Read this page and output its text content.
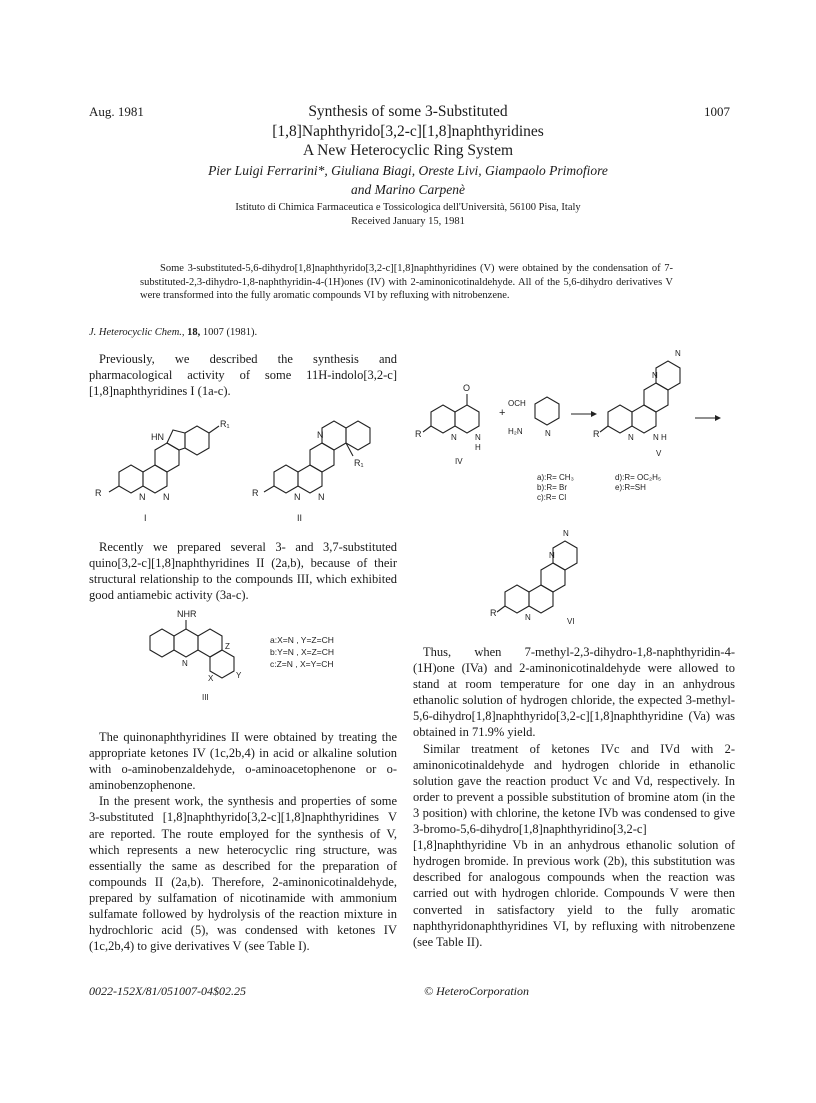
Aug. 1981	1007
Synthesis of some 3-Substituted
[1,8]Naphthyrido[3,2-c][1,8]naphthyridines
A New Heterocyclic Ring System
Pier Luigi Ferrarini*, Giuliana Biagi, Oreste Livi, Giampaolo Primofiore
and Marino Carpenè
Istituto di Chimica Farmaceutica e Tossicologica dell'Università, 56100 Pisa, Italy
Received January 15, 1981

Some 3-substituted-5,6-dihydro[1,8]naphthyrido[3,2-c][1,8]naphthyridines (V) were obtained by the condensation of 7-substituted-2,3-dihydro-1,8-naphthyridin-4-(1H)ones (IV) with 2-aminonicotinaldehyde. All of the 5,6-dihydro derivatives V were transformed into the fully aromatic compounds VI by refluxing with nitrobenzene.

J. Heterocyclic Chem., 18, 1007 (1981).

Previously, we described the synthesis and pharmacological activity of some 11H-indolo[3,2-c][1,8]naphthyridines I (1a-c).

R
R₁
HN
N N
I
R
R₁
N
N N
II

Recently we prepared several 3- and 3,7-substituted quino[3,2-c][1,8]naphthyridines II (2a,b), because of their structural relationship to the compounds III, which exhibited good antiamebic activity (3a-c).

NHR
Z
X	Y
N
a:X=N , Y=Z=CH
b:Y=N , X=Z=CH
c:Z=N , X=Y=CH
III

The quinonaphthyridines II were obtained by treating the appropriate ketones IV (1c,2b,4) in acid or alkaline solution with o-aminobenzaldehyde, o-aminoacetophenone or o-aminobenzophenone.

In the present work, the synthesis and properties of some 3-substituted [1,8]naphthyrido[3,2-c][1,8]naphthyridines V are reported. The route employed for the synthesis of V, which represents a new heterocyclic ring structure, was essentially the same as described for the preparation of compounds II (2a,b). Therefore, 2-aminonicotinaldehyde, prepared by sulfamation of nicotinamide with ammonium sulfamate followed by hydrolysis of the reaction mixture in hydrochloric acid (5), was condensed with ketones IV (1c,2b,4) to give derivatives V (see Table I).

O
R	N N
H
IV
+
OCH
H₂N	N	R
N
N
N N H
V
a):R= CH₃
b):R= Br
c):R= Cl
d):R= OC₂H₅
e):R=SH
R
N
N
N	VI

Thus, when 7-methyl-2,3-dihydro-1,8-naphthyridin-4-(1H)one (IVa) and 2-aminonicotinaldehyde were allowed to stand at room temperature for one day in an anhydrous ethanolic solution of hydrogen chloride, the expected 3-methyl-5,6-dihydro[1,8]naphthyrido[3,2-c][1,8]naphthyridine (Va) was obtained in 71.9% yield.

Similar treatment of ketones IVc and IVd with 2-aminonicotinaldehyde and hydrogen chloride in ethanolic solution gave the reaction product Vc and Vd, respectively. In order to prevent a possible substitution of bromine atom (in the 3 position) with chlorine, the ketone IVb was condensed to give 3-bromo-5,6-dihydro[1,8]naphthyridino[3,2-c][1,8]naphthyridine Vb in an anhydrous ethanolic solution of hydrogen bromide. In previous work (2b), this substitution was described for analogous compounds when the reaction was carried out with hydrogen chloride. Compounds V were then converted in satisfactory yield to the fully aromatic naphthyridonaphthyridines VI, by refluxing with nitrobenzene (see Table II).

0022-152X/81/051007-04$02.25	© HeteroCorporation
